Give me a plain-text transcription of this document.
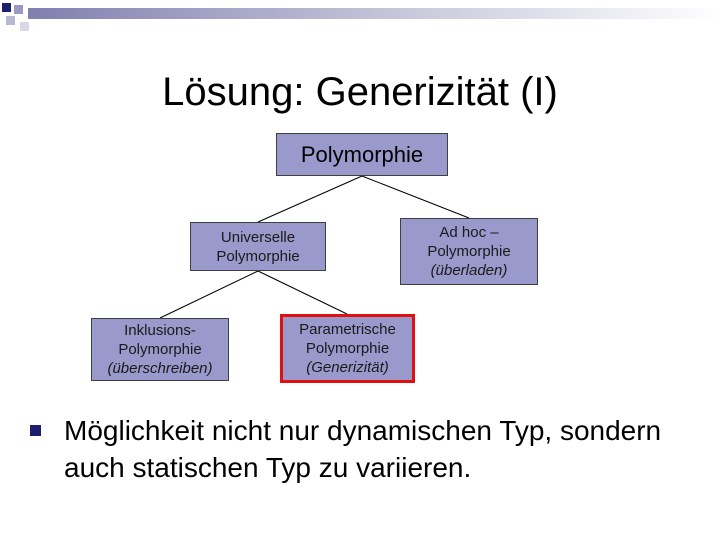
Lösung: Generizität (I)
Polymorphie
Universelle
Polymorphie
Ad hoc –
Polymorphie
(überladen)
Inklusions-
Polymorphie
(überschreiben)
Parametrische
Polymorphie
(Generizität)
Möglichkeit nicht nur dynamischen Typ, sondern auch statischen Typ zu variieren.
